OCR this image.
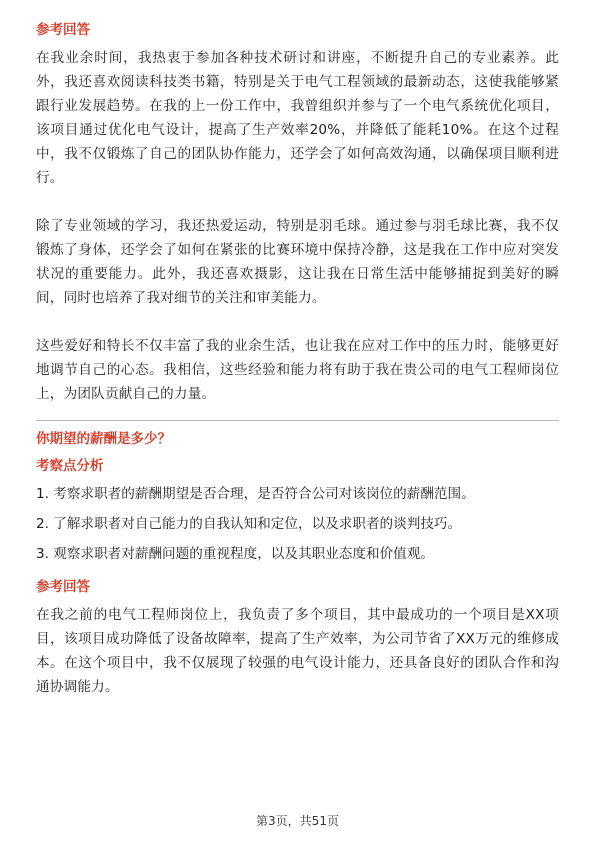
参考回答

在我业余时间，我热衷于参加各种技术研讨和讲座，不断提升自己的专业素养。此外，我还喜欢阅读科技类书籍，特别是关于电气工程领域的最新动态，这使我能够紧跟行业发展趋势。在我的上一份工作中，我曾组织并参与了一个电气系统优化项目，该项目通过优化电气设计，提高了生产效率20%，并降低了能耗10%。在这个过程中，我不仅锻炼了自己的团队协作能力，还学会了如何高效沟通，以确保项目顺利进行。

除了专业领域的学习，我还热爱运动，特别是羽毛球。通过参与羽毛球比赛，我不仅锻炼了身体，还学会了如何在紧张的比赛环境中保持冷静，这是我在工作中应对突发状况的重要能力。此外，我还喜欢摄影，这让我在日常生活中能够捕捉到美好的瞬间，同时也培养了我对细节的关注和审美能力。

这些爱好和特长不仅丰富了我的业余生活，也让我在应对工作中的压力时，能够更好地调节自己的心态。我相信，这些经验和能力将有助于我在贵公司的电气工程师岗位上，为团队贡献自己的力量。

你期望的薪酬是多少？

考察点分析

1. 考察求职者的薪酬期望是否合理，是否符合公司对该岗位的薪酬范围。

2. 了解求职者对自己能力的自我认知和定位，以及求职者的谈判技巧。

3. 观察求职者对薪酬问题的重视程度，以及其职业态度和价值观。

参考回答

在我之前的电气工程师岗位上，我负责了多个项目，其中最成功的一个项目是XX项目，该项目成功降低了设备故障率，提高了生产效率，为公司节省了XX万元的维修成本。在这个项目中，我不仅展现了较强的电气设计能力，还具备良好的团队合作和沟通协调能力。

第3页，共51页
